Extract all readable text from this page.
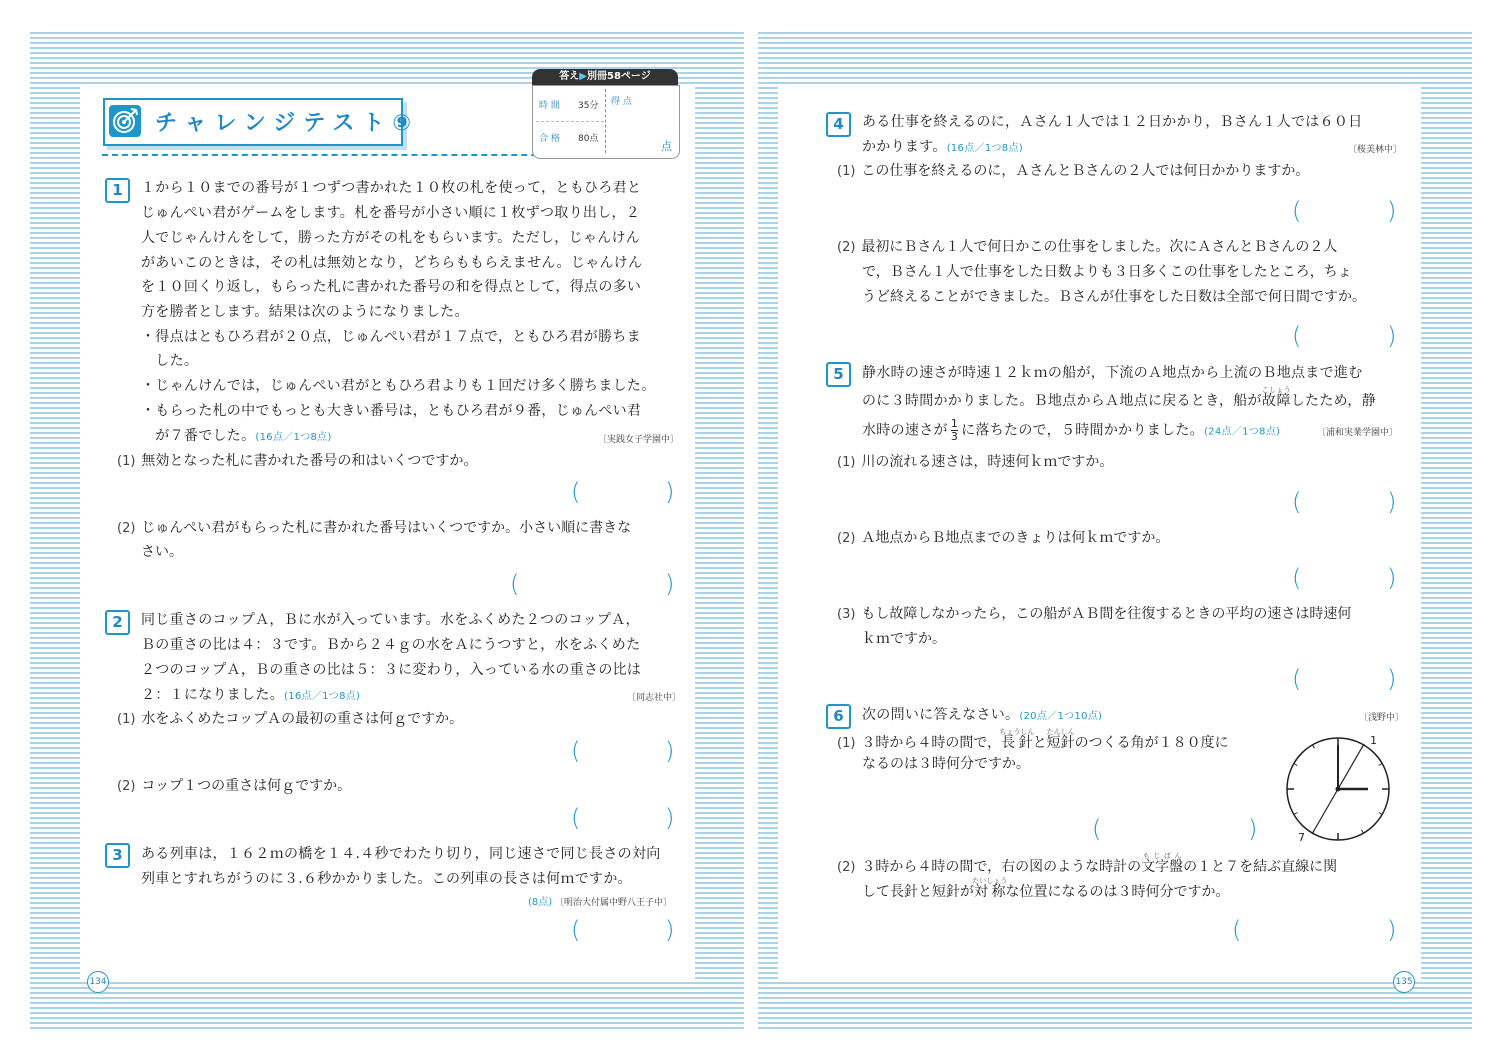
チャレンジテスト⑨
答え▶別冊58ページ
時 間 35分
合 格 80点
得 点
点
1	１から１０までの番号が１つずつ書かれた１０枚の札を使って，ともひろ君と
じゅんぺい君がゲームをします。札を番号が小さい順に１枚ずつ取り出し，２
人でじゃんけんをして，勝った方がその札をもらいます。ただし，じゃんけん
があいこのときは，その札は無効となり，どちらももらえません。じゃんけん
を１０回くり返し，もらった札に書かれた番号の和を得点として，得点の多い
方を勝者とします。結果は次のようになりました。
・得点はともひろ君が２０点，じゅんぺい君が１７点で，ともひろ君が勝ちま
　した。
・じゃんけんでは，じゅんぺい君がともひろ君よりも１回だけ多く勝ちました。
・もらった札の中でもっとも大きい番号は，ともひろ君が９番，じゅんぺい君
　が７番でした。(16点／1つ8点)	〔実践女子学園中〕
(1) 無効となった札に書かれた番号の和はいくつですか。
(	)
(2) じゅんぺい君がもらった札に書かれた番号はいくつですか。小さい順に書きな
さい。
(	)
2	同じ重さのコップＡ，Ｂに水が入っています。水をふくめた２つのコップＡ，
Ｂの重さの比は４：３です。Ｂから２４ｇの水をＡにうつすと，水をふくめた
２つのコップＡ，Ｂの重さの比は５：３に変わり，入っている水の重さの比は
２：１になりました。(16点／1つ8点)	〔同志社中〕
(1) 水をふくめたコップＡの最初の重さは何ｇですか。
(	)
(2) コップ１つの重さは何ｇですか。
(	)
3	ある列車は，１６２ｍの橋を１４.４秒でわたり切り，同じ速さで同じ長さの対向
列車とすれちがうのに３.６秒かかりました。この列車の長さは何ｍですか。
(8点) 〔明治大付属中野八王子中〕
(	)
134
4	ある仕事を終えるのに，Ａさん１人では１２日かかり，Ｂさん１人では６０日
かかります。(16点／1つ8点)	〔桜美林中〕
(1) この仕事を終えるのに，ＡさんとＢさんの２人では何日かかりますか。
(	)
(2) 最初にＢさん１人で何日かこの仕事をしました。次にＡさんとＢさんの２人
で，Ｂさん１人で仕事をした日数よりも３日多くこの仕事をしたところ，ちょ
うど終えることができました。Ｂさんが仕事をした日数は全部で何日間ですか。
(	)
5	静水時の速さが時速１２ｋｍの船が，下流のＡ地点から上流のＢ地点まで進む
のに３時間かかりました。Ｂ地点からＡ地点に戻るとき，船が故障こしょうしたため，静
水時の速さが $\frac{1}{3}$ に落ちたので，５時間かかりました。(24点／1つ8点)	〔浦和実業学園中〕
(1) 川の流れる速さは，時速何ｋｍですか。
(	)
(2) Ａ地点からＢ地点までのきょりは何ｋｍですか。
(	)
(3) もし故障しなかったら，この船がＡＢ間を往復するときの平均の速さは時速何
ｋｍですか。
(	)
6	次の問いに答えなさい。(20点／1つ10点)	〔浅野中〕
(1) ３時から４時の間で，長針ちょうしんと短針たんしんのつくる角が１８０度に
なるのは３時何分ですか。
1
7
(	)
(2) ３時から４時の間で，右の図のような時計の文字盤もじばんの１と７を結ぶ直線に関
して長針と短針が対称たいしょうな位置になるのは３時何分ですか。
(	)
135
